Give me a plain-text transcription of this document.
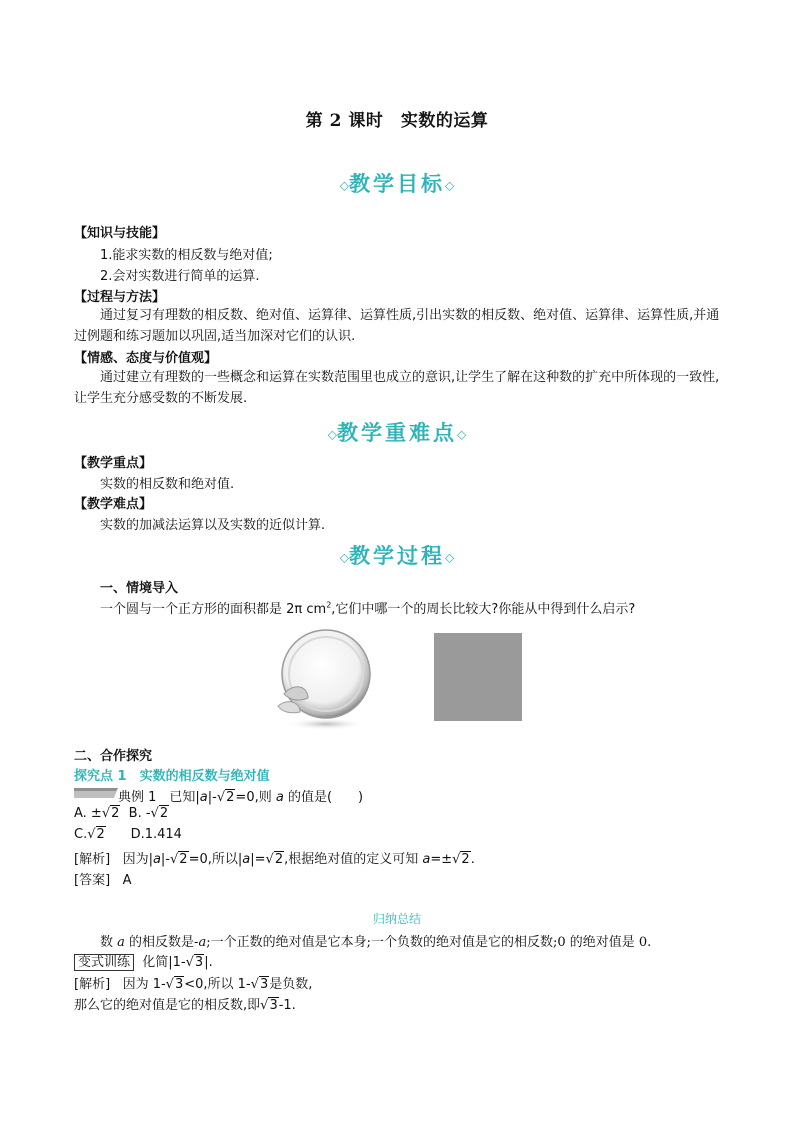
第 2 课时　实数的运算
◇教学目标◇
【知识与技能】
1.能求实数的相反数与绝对值;
2.会对实数进行简单的运算.
【过程与方法】
通过复习有理数的相反数、绝对值、运算律、运算性质,引出实数的相反数、绝对值、运算律、运算性质,并通过例题和练习题加以巩固,适当加深对它们的认识.
【情感、态度与价值观】
通过建立有理数的一些概念和运算在实数范围里也成立的意识,让学生了解在这种数的扩充中所体现的一致性,让学生充分感受数的不断发展.
◇教学重难点◇
【教学重点】
实数的相反数和绝对值.
【教学难点】
实数的加减法运算以及实数的近似计算.
◇教学过程◇
一、情境导入
一个圆与一个正方形的面积都是 2π $cm^2$,它们中哪一个的周长比较大?你能从中得到什么启示?
二、合作探究
探究点 1　实数的相反数与绝对值
典例 1　已知|a|-√2=0,则 a 的值是(　　)
A. ±√2 B. -√2
C.√2 D.1.414
[解析] 因为|a|-√2=0,所以|a|=√2,根据绝对值的定义可知 a=±√2.
[答案] A
归纳总结
数 a 的相反数是-a;一个正数的绝对值是它本身;一个负数的绝对值是它的相反数;0 的绝对值是 0.
变式训练 化简|1-√3|.
[解析] 因为 1-√3<0,所以 1-√3是负数,
那么它的绝对值是它的相反数,即√3-1.
